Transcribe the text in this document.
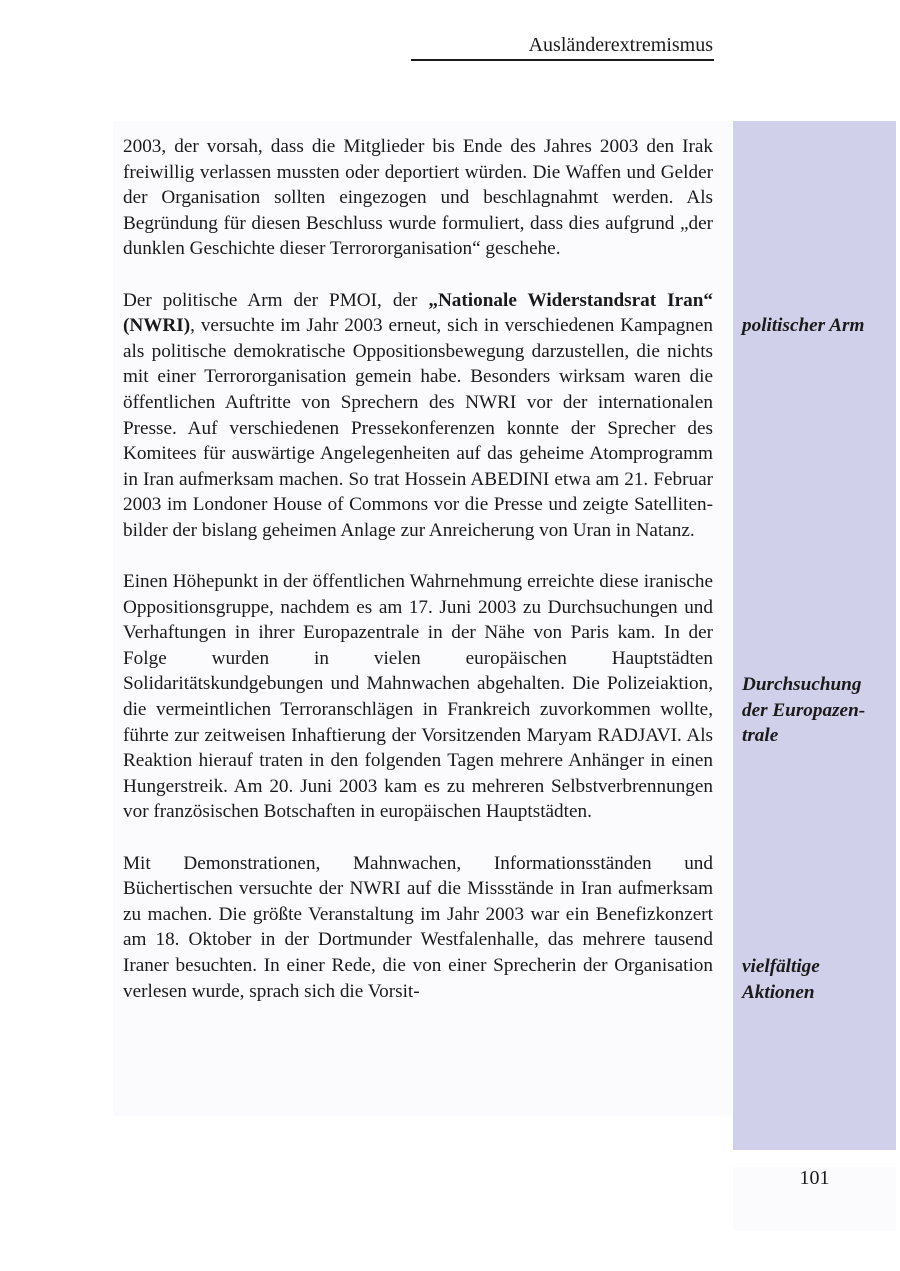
Ausländerextremismus

2003, der vorsah, dass die Mitglieder bis Ende des Jahres 2003 den Irak freiwillig verlassen mussten oder deportiert würden. Die Waffen und Gelder der Organisation sollten eingezogen und beschlagnahmt werden. Als Begründung für diesen Beschluss wurde formuliert, dass dies aufgrund „der dunklen Geschichte dieser Terrororganisation“ geschehe.

Der politische Arm der PMOI, der „Nationale Widerstandsrat Iran“ (NWRI), versuchte im Jahr 2003 erneut, sich in verschiedenen Kampagnen als politische demokratische Oppositionsbewegung darzustellen, die nichts mit einer Terrororganisation gemein habe. Besonders wirksam waren die öffentlichen Auftritte von Sprechern des NWRI vor der internationalen Presse. Auf verschiedenen Pressekonferenzen konnte der Sprecher des Komitees für auswärtige Angelegenheiten auf das geheime Atomprogramm in Iran aufmerksam machen. So trat Hossein ABEDINI etwa am 21. Februar 2003 im Londoner House of Commons vor die Presse und zeigte Satellitenbilder der bislang geheimen Anlage zur Anreicherung von Uran in Natanz.

Einen Höhepunkt in der öffentlichen Wahrnehmung erreichte diese iranische Oppositionsgruppe, nachdem es am 17. Juni 2003 zu Durchsuchungen und Verhaftungen in ihrer Europazentrale in der Nähe von Paris kam. In der Folge wurden in vielen europäischen Hauptstädten Solidaritätskundgebungen und Mahnwachen abgehalten. Die Polizeiaktion, die vermeintlichen Terroranschlägen in Frankreich zuvorkommen wollte, führte zur zeitweisen Inhaftierung der Vorsitzenden Maryam RADJAVI. Als Reaktion hierauf traten in den folgenden Tagen mehrere Anhänger in einen Hungerstreik. Am 20. Juni 2003 kam es zu mehreren Selbstverbrennungen vor französischen Botschaften in europäischen Hauptstädten.

Mit Demonstrationen, Mahnwachen, Informationsständen und Büchertischen versuchte der NWRI auf die Missstände in Iran aufmerksam zu machen. Die größte Veranstaltung im Jahr 2003 war ein Benefizkonzert am 18. Oktober in der Dortmunder Westfalenhalle, das mehrere tausend Iraner besuchten. In einer Rede, die von einer Sprecherin der Organisation verlesen wurde, sprach sich die Vorsit-

politischer Arm
Durchsuchung
der Europazen-
trale
vielfältige
Aktionen
101
